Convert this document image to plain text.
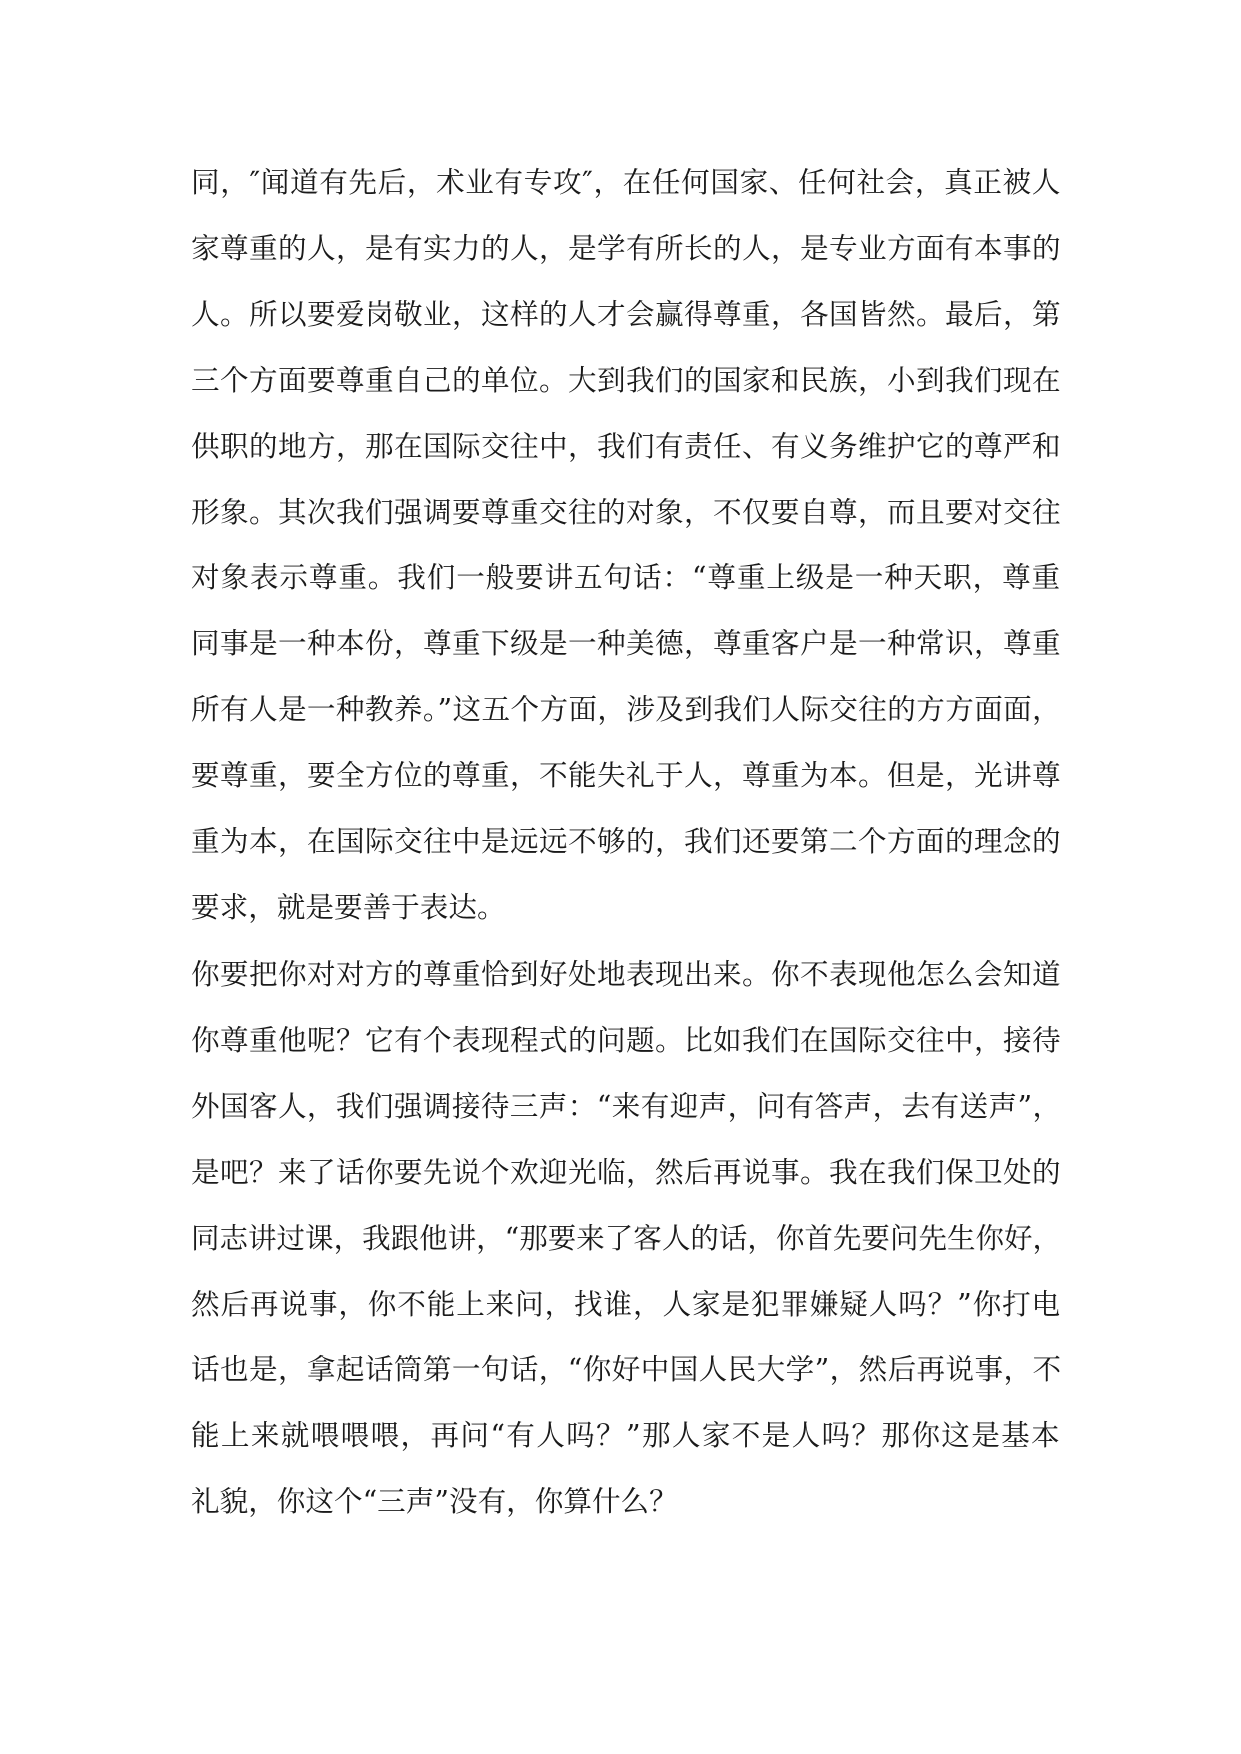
同，″闻道有先后，术业有专攻″，在任何国家、任何社会，真正被人
家尊重的人，是有实力的人，是学有所长的人，是专业方面有本事的
人。所以要爱岗敬业，这样的人才会赢得尊重，各国皆然。最后，第
三个方面要尊重自己的单位。大到我们的国家和民族，小到我们现在
供职的地方，那在国际交往中，我们有责任、有义务维护它的尊严和
形象。其次我们强调要尊重交往的对象，不仅要自尊，而且要对交往
对象表示尊重。我们一般要讲五句话：“尊重上级是一种天职，尊重
同事是一种本份，尊重下级是一种美德，尊重客户是一种常识，尊重
所有人是一种教养。”这五个方面，涉及到我们人际交往的方方面面，
要尊重，要全方位的尊重，不能失礼于人，尊重为本。但是，光讲尊
重为本，在国际交往中是远远不够的，我们还要第二个方面的理念的
要求，就是要善于表达。
你要把你对对方的尊重恰到好处地表现出来。你不表现他怎么会知道
你尊重他呢？它有个表现程式的问题。比如我们在国际交往中，接待
外国客人，我们强调接待三声：“来有迎声，问有答声，去有送声”，
是吧？来了话你要先说个欢迎光临，然后再说事。我在我们保卫处的
同志讲过课，我跟他讲，“那要来了客人的话，你首先要问先生你好，
然后再说事，你不能上来问，找谁，人家是犯罪嫌疑人吗？”你打电
话也是，拿起话筒第一句话，“你好中国人民大学”，然后再说事，不
能上来就喂喂喂，再问“有人吗？”那人家不是人吗？那你这是基本
礼貌，你这个“三声”没有，你算什么？
